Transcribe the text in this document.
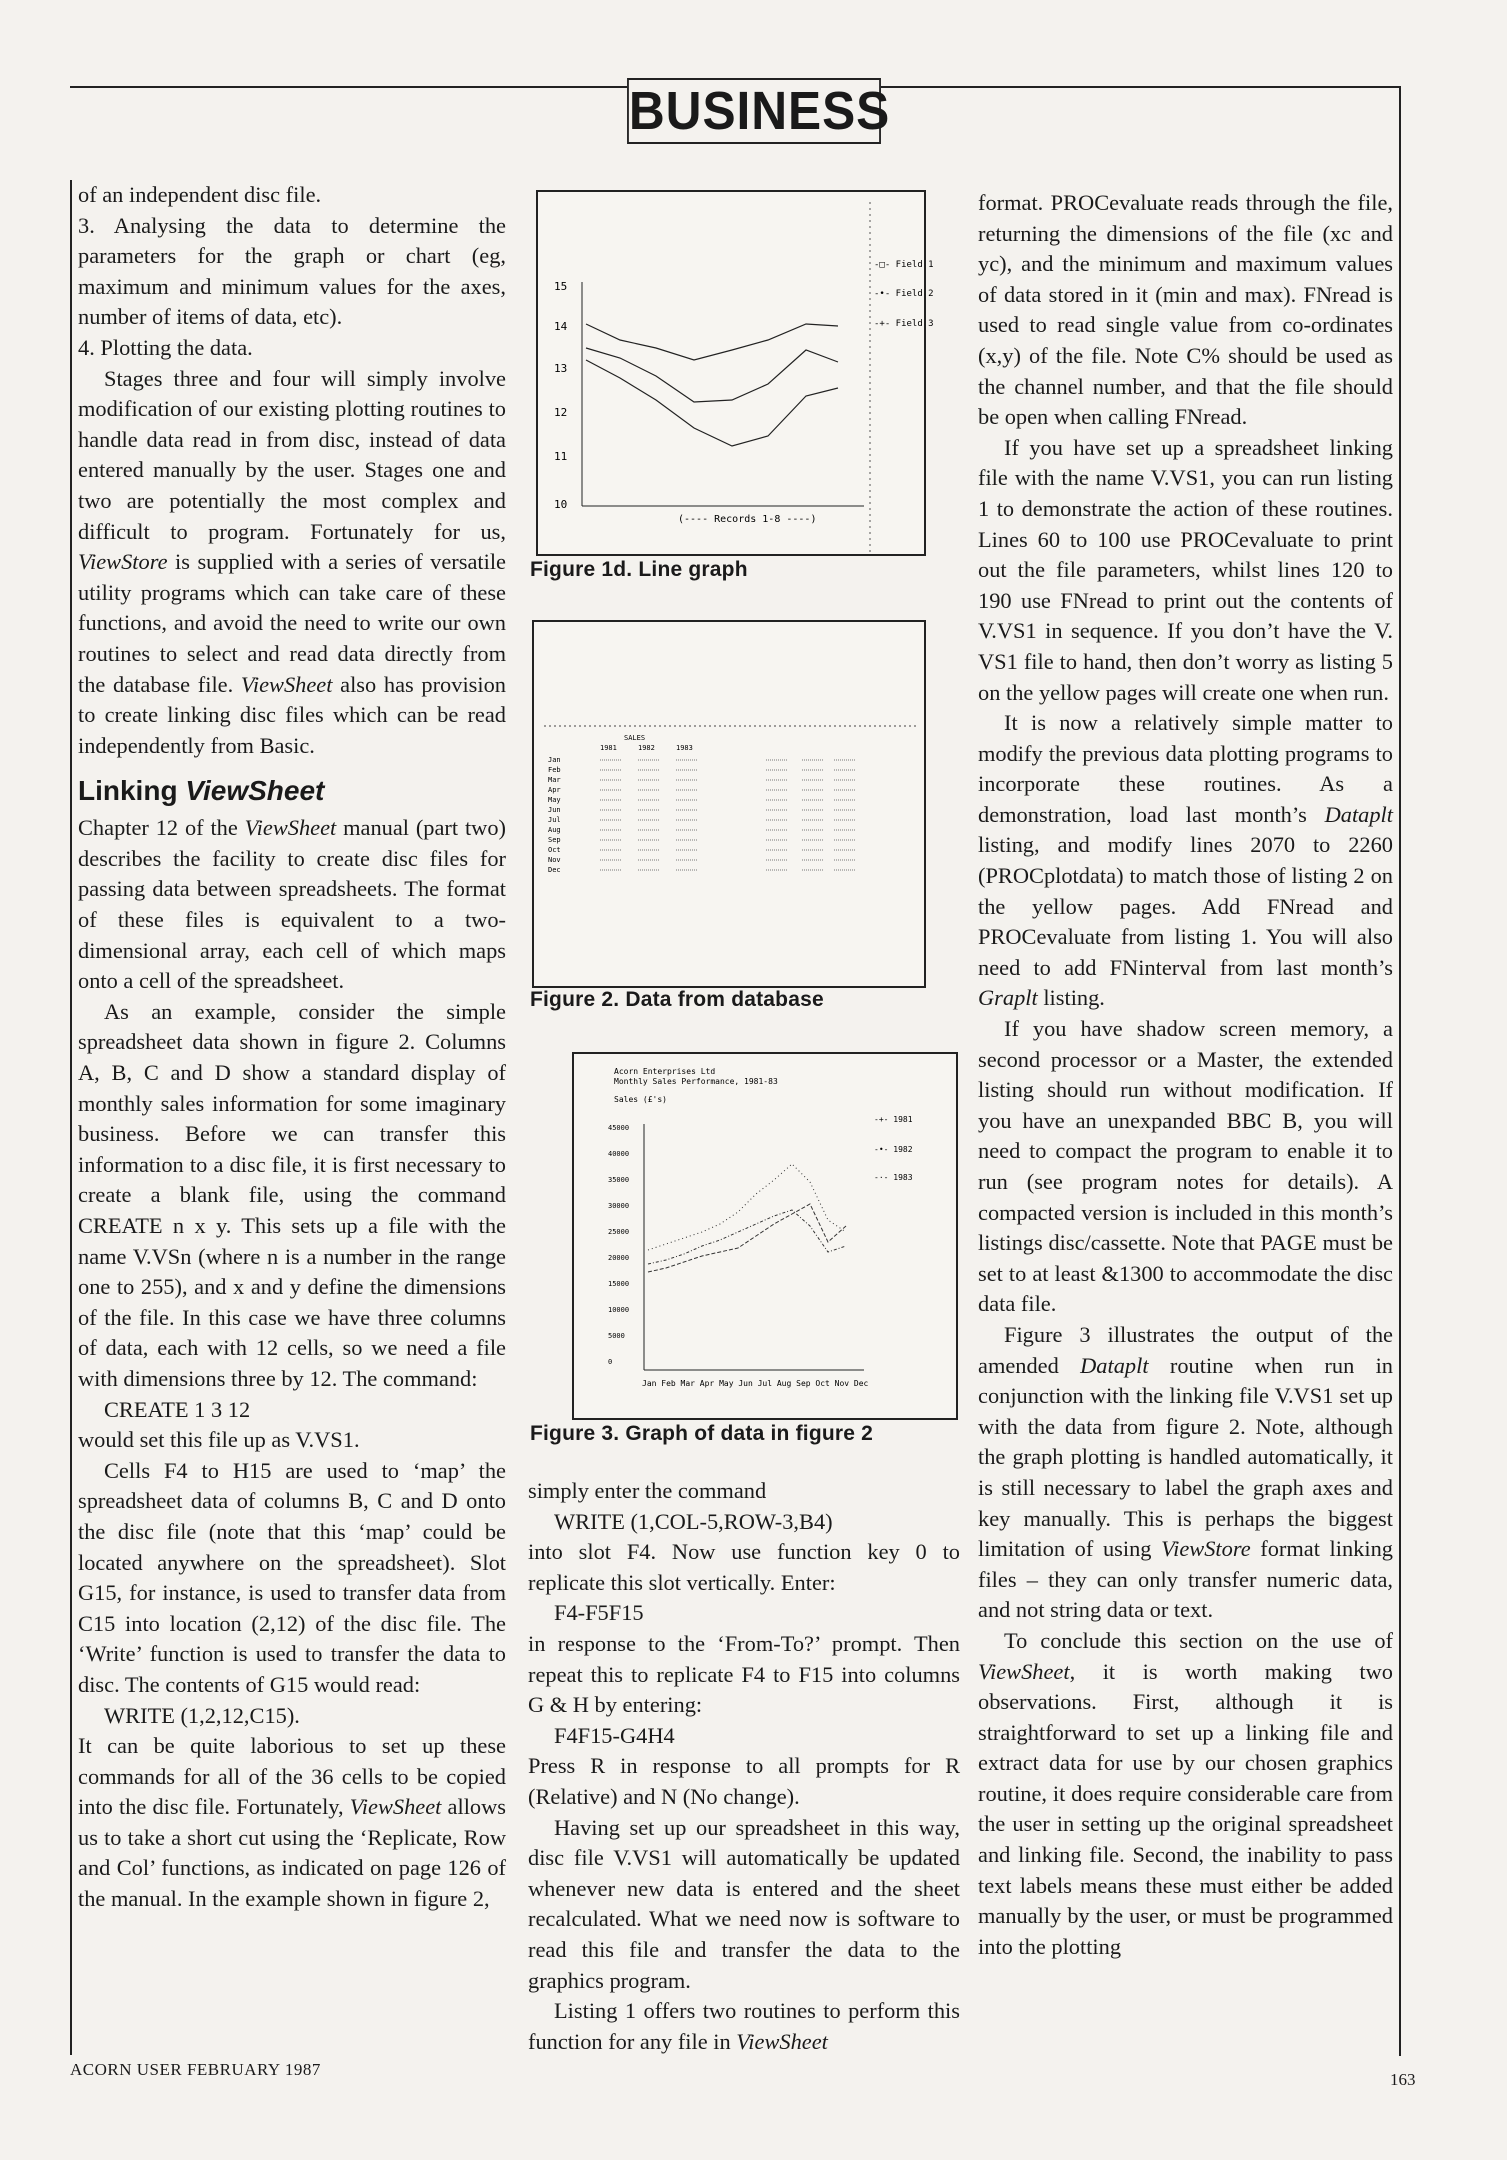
BUSINESS

of an independent disc file.

3. Analysing the data to determine the parameters for the graph or chart (eg, maximum and minimum values for the axes, number of items of data, etc).

4. Plotting the data.

Stages three and four will simply involve modification of our existing plotting routines to handle data read in from disc, instead of data entered manually by the user. Stages one and two are potentially the most complex and difficult to program. Fortunately for us, ViewStore is supplied with a series of versatile utility programs which can take care of these functions, and avoid the need to write our own routines to select and read data directly from the database file. ViewSheet also has provision to create linking disc files which can be read independently from Basic.

Linking ViewSheet

Chapter 12 of the ViewSheet manual (part two) describes the facility to create disc files for passing data between spreadsheets. The format of these files is equivalent to a two-dimensional array, each cell of which maps onto a cell of the spreadsheet.

As an example, consider the simple spreadsheet data shown in figure 2. Columns A, B, C and D show a standard display of monthly sales information for some imaginary business. Before we can transfer this information to a disc file, it is first necessary to create a blank file, using the command CREATE n x y. This sets up a file with the name V.VSn (where n is a number in the range one to 255), and x and y define the dimensions of the file. In this case we have three columns of data, each with 12 cells, so we need a file with dimensions three by 12. The command:

CREATE 1 3 12

would set this file up as V.VS1.

Cells F4 to H15 are used to ‘map’ the spreadsheet data of columns B, C and D onto the disc file (note that this ‘map’ could be located anywhere on the spreadsheet). Slot G15, for instance, is used to transfer data from C15 into location (2,12) of the disc file. The ‘Write’ function is used to transfer the data to disc. The contents of G15 would read:

WRITE (1,2,12,C15).

It can be quite laborious to set up these commands for all of the 36 cells to be copied into the disc file. Fortunately, ViewSheet allows us to take a short cut using the ‘Replicate, Row and Col’ functions, as indicated on page 126 of the manual. In the example shown in figure 2,

-□- Field 1
-•- Field 2
-+- Field 3
15
14
13
12
11
10
(---- Records 1-8 ----)
Figure 1d. Line graph
SALES
1981	1982	1983
Jan
Feb
Mar
Apr
May
Jun
Jul
Aug
Sep
Oct
Nov
Dec
Figure 2. Data from database
Acorn Enterprises Ltd
Monthly Sales Performance, 1981-83
Sales (£'s)
-+- 1981
-•- 1982
-·- 1983
45000
40000
35000
30000
25000
20000
15000
10000
5000
0
Jan Feb Mar Apr May Jun Jul Aug Sep Oct Nov Dec
Figure 3. Graph of data in figure 2

simply enter the command

WRITE (1,COL-5,ROW-3,B4)

into slot F4. Now use function key 0 to replicate this slot vertically. Enter:

F4-F5F15

in response to the ‘From-To?’ prompt. Then repeat this to replicate F4 to F15 into columns G & H by entering:

F4F15-G4H4

Press R in response to all prompts for R (Relative) and N (No change).

Having set up our spreadsheet in this way, disc file V.VS1 will automatically be updated whenever new data is entered and the sheet recalculated. What we need now is software to read this file and transfer the data to the graphics program.

Listing 1 offers two routines to perform this function for any file in ViewSheet

format. PROCevaluate reads through the file, returning the dimensions of the file (xc and yc), and the minimum and maximum values of data stored in it (min and max). FNread is used to read single value from co-ordinates (x,y) of the file. Note C% should be used as the channel number, and that the file should be open when calling FNread.

If you have set up a spreadsheet linking file with the name V.VS1, you can run listing 1 to demonstrate the action of these routines. Lines 60 to 100 use PROCevaluate to print out the file parameters, whilst lines 120 to 190 use FNread to print out the contents of V.VS1 in sequence. If you don’t have the V. VS1 file to hand, then don’t worry as listing 5 on the yellow pages will create one when run.

It is now a relatively simple matter to modify the previous data plotting programs to incorporate these routines. As a demonstration, load last month’s Dataplt listing, and modify lines 2070 to 2260 (PROCplotdata) to match those of listing 2 on the yellow pages. Add FNread and PROCevaluate from listing 1. You will also need to add FNinterval from last month’s Graplt listing.

If you have shadow screen memory, a second processor or a Master, the extended listing should run without modification. If you have an unexpanded BBC B, you will need to compact the program to enable it to run (see program notes for details). A compacted version is included in this month’s listings disc/cassette. Note that PAGE must be set to at least &1300 to accommodate the disc data file.

Figure 3 illustrates the output of the amended Dataplt routine when run in conjunction with the linking file V.VS1 set up with the data from figure 2. Note, although the graph plotting is handled automatically, it is still necessary to label the graph axes and key manually. This is perhaps the biggest limitation of using ViewStore format linking files – they can only transfer numeric data, and not string data or text.

To conclude this section on the use of ViewSheet, it is worth making two observations. First, although it is straightforward to set up a linking file and extract data for use by our chosen graphics routine, it does require considerable care from the user in setting up the original spreadsheet and linking file. Second, the inability to pass text labels means these must either be added manually by the user, or must be programmed into the plotting

ACORN USER FEBRUARY 1987
163
